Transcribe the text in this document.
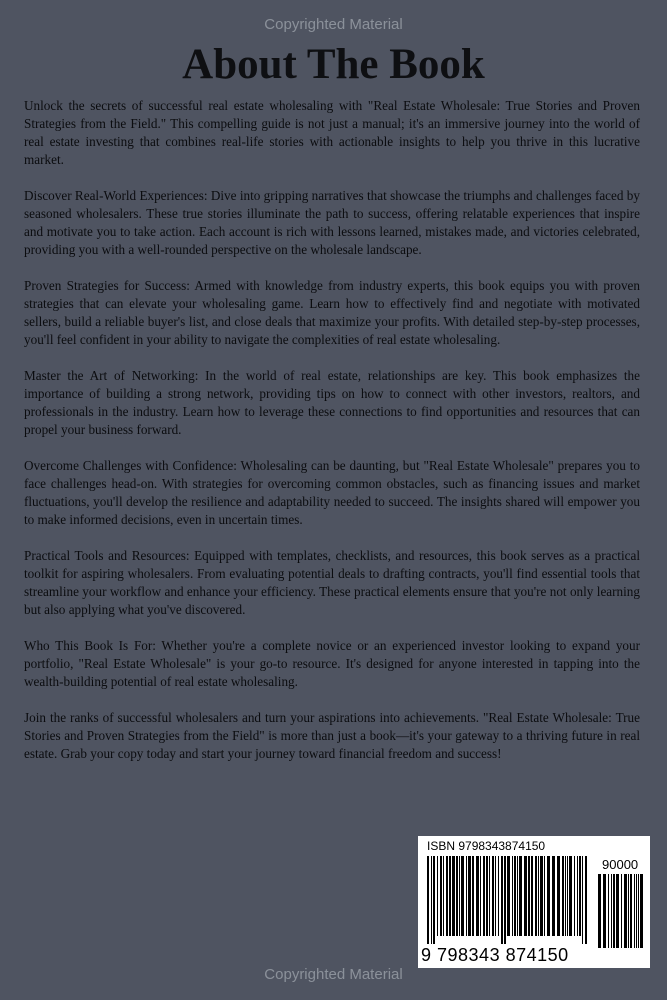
Copyrighted Material
About The Book

Unlock the secrets of successful real estate wholesaling with "Real Estate Wholesale: True Stories and Proven Strategies from the Field." This compelling guide is not just a manual; it's an immersive journey into the world of real estate investing that combines real-life stories with actionable insights to help you thrive in this lucrative market.

Discover Real-World Experiences: Dive into gripping narratives that showcase the triumphs and challenges faced by seasoned wholesalers. These true stories illuminate the path to success, offering relatable experiences that inspire and motivate you to take action. Each account is rich with lessons learned, mistakes made, and victories celebrated, providing you with a well-rounded perspective on the wholesale landscape.

Proven Strategies for Success: Armed with knowledge from industry experts, this book equips you with proven strategies that can elevate your wholesaling game. Learn how to effectively find and negotiate with motivated sellers, build a reliable buyer's list, and close deals that maximize your profits. With detailed step-by-step processes, you'll feel confident in your ability to navigate the complexities of real estate wholesaling.

Master the Art of Networking: In the world of real estate, relationships are key. This book emphasizes the importance of building a strong network, providing tips on how to connect with other investors, realtors, and professionals in the industry. Learn how to leverage these connections to find opportunities and resources that can propel your business forward.

Overcome Challenges with Confidence: Wholesaling can be daunting, but "Real Estate Wholesale" prepares you to face challenges head-on. With strategies for overcoming common obstacles, such as financing issues and market fluctuations, you'll develop the resilience and adaptability needed to succeed. The insights shared will empower you to make informed decisions, even in uncertain times.

Practical Tools and Resources: Equipped with templates, checklists, and resources, this book serves as a practical toolkit for aspiring wholesalers. From evaluating potential deals to drafting contracts, you'll find essential tools that streamline your workflow and enhance your efficiency. These practical elements ensure that you're not only learning but also applying what you've discovered.

Who This Book Is For: Whether you're a complete novice or an experienced investor looking to expand your portfolio, "Real Estate Wholesale" is your go-to resource. It's designed for anyone interested in tapping into the wealth-building potential of real estate wholesaling.

Join the ranks of successful wholesalers and turn your aspirations into achievements. "Real Estate Wholesale: True Stories and Proven Strategies from the Field" is more than just a book—it's your gateway to a thriving future in real estate. Grab your copy today and start your journey toward financial freedom and success!

ISBN 9798343874150
90000
9 798343 874150
Copyrighted Material
